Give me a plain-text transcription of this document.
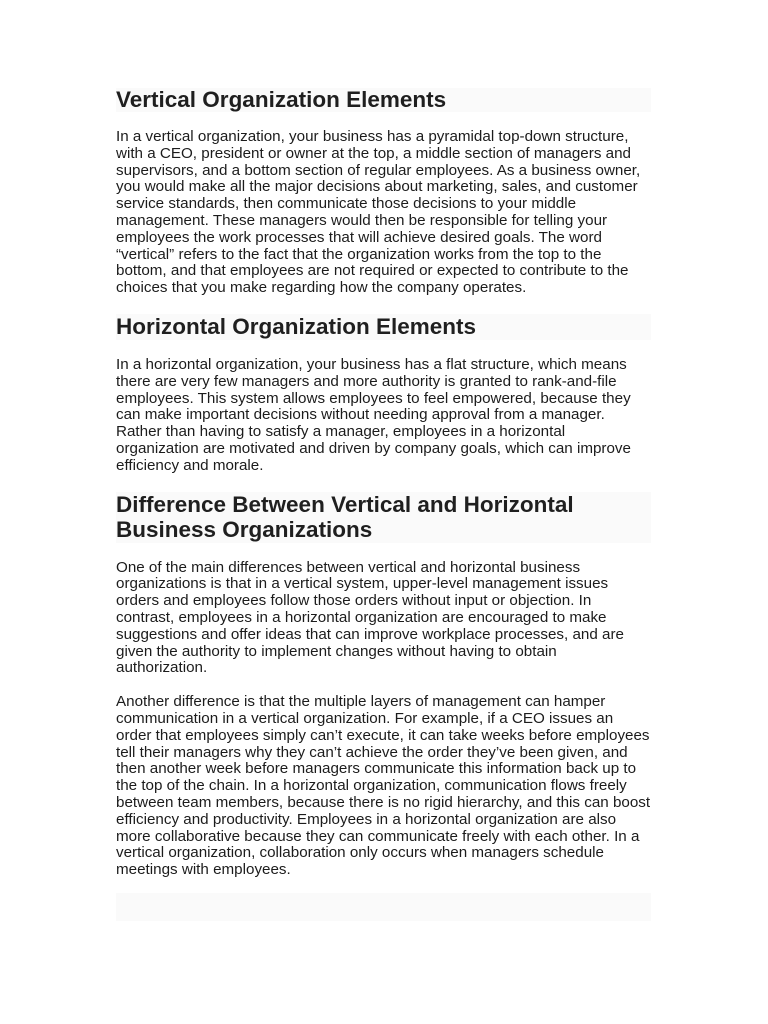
Vertical Organization Elements

In a vertical organization, your business has a pyramidal top-down structure, with a CEO, president or owner at the top, a middle section of managers and supervisors, and a bottom section of regular employees. As a business owner, you would make all the major decisions about marketing, sales, and customer service standards, then communicate those decisions to your middle management. These managers would then be responsible for telling your employees the work processes that will achieve desired goals. The word “vertical” refers to the fact that the organization works from the top to the bottom, and that employees are not required or expected to contribute to the choices that you make regarding how the company operates.

Horizontal Organization Elements

In a horizontal organization, your business has a flat structure, which means there are very few managers and more authority is granted to rank-and-file employees. This system allows employees to feel empowered, because they can make important decisions without needing approval from a manager. Rather than having to satisfy a manager, employees in a horizontal organization are motivated and driven by company goals, which can improve efficiency and morale.

Difference Between Vertical and Horizontal Business Organizations

One of the main differences between vertical and horizontal business organizations is that in a vertical system, upper-level management issues orders and employees follow those orders without input or objection. In contrast, employees in a horizontal organization are encouraged to make suggestions and offer ideas that can improve workplace processes, and are given the authority to implement changes without having to obtain authorization.

Another difference is that the multiple layers of management can hamper communication in a vertical organization. For example, if a CEO issues an order that employees simply can’t execute, it can take weeks before employees tell their managers why they can’t achieve the order they’ve been given, and then another week before managers communicate this information back up to the top of the chain. In a horizontal organization, communication flows freely between team members, because there is no rigid hierarchy, and this can boost efficiency and productivity. Employees in a horizontal organization are also more collaborative because they can communicate freely with each other. In a vertical organization, collaboration only occurs when managers schedule meetings with employees.
